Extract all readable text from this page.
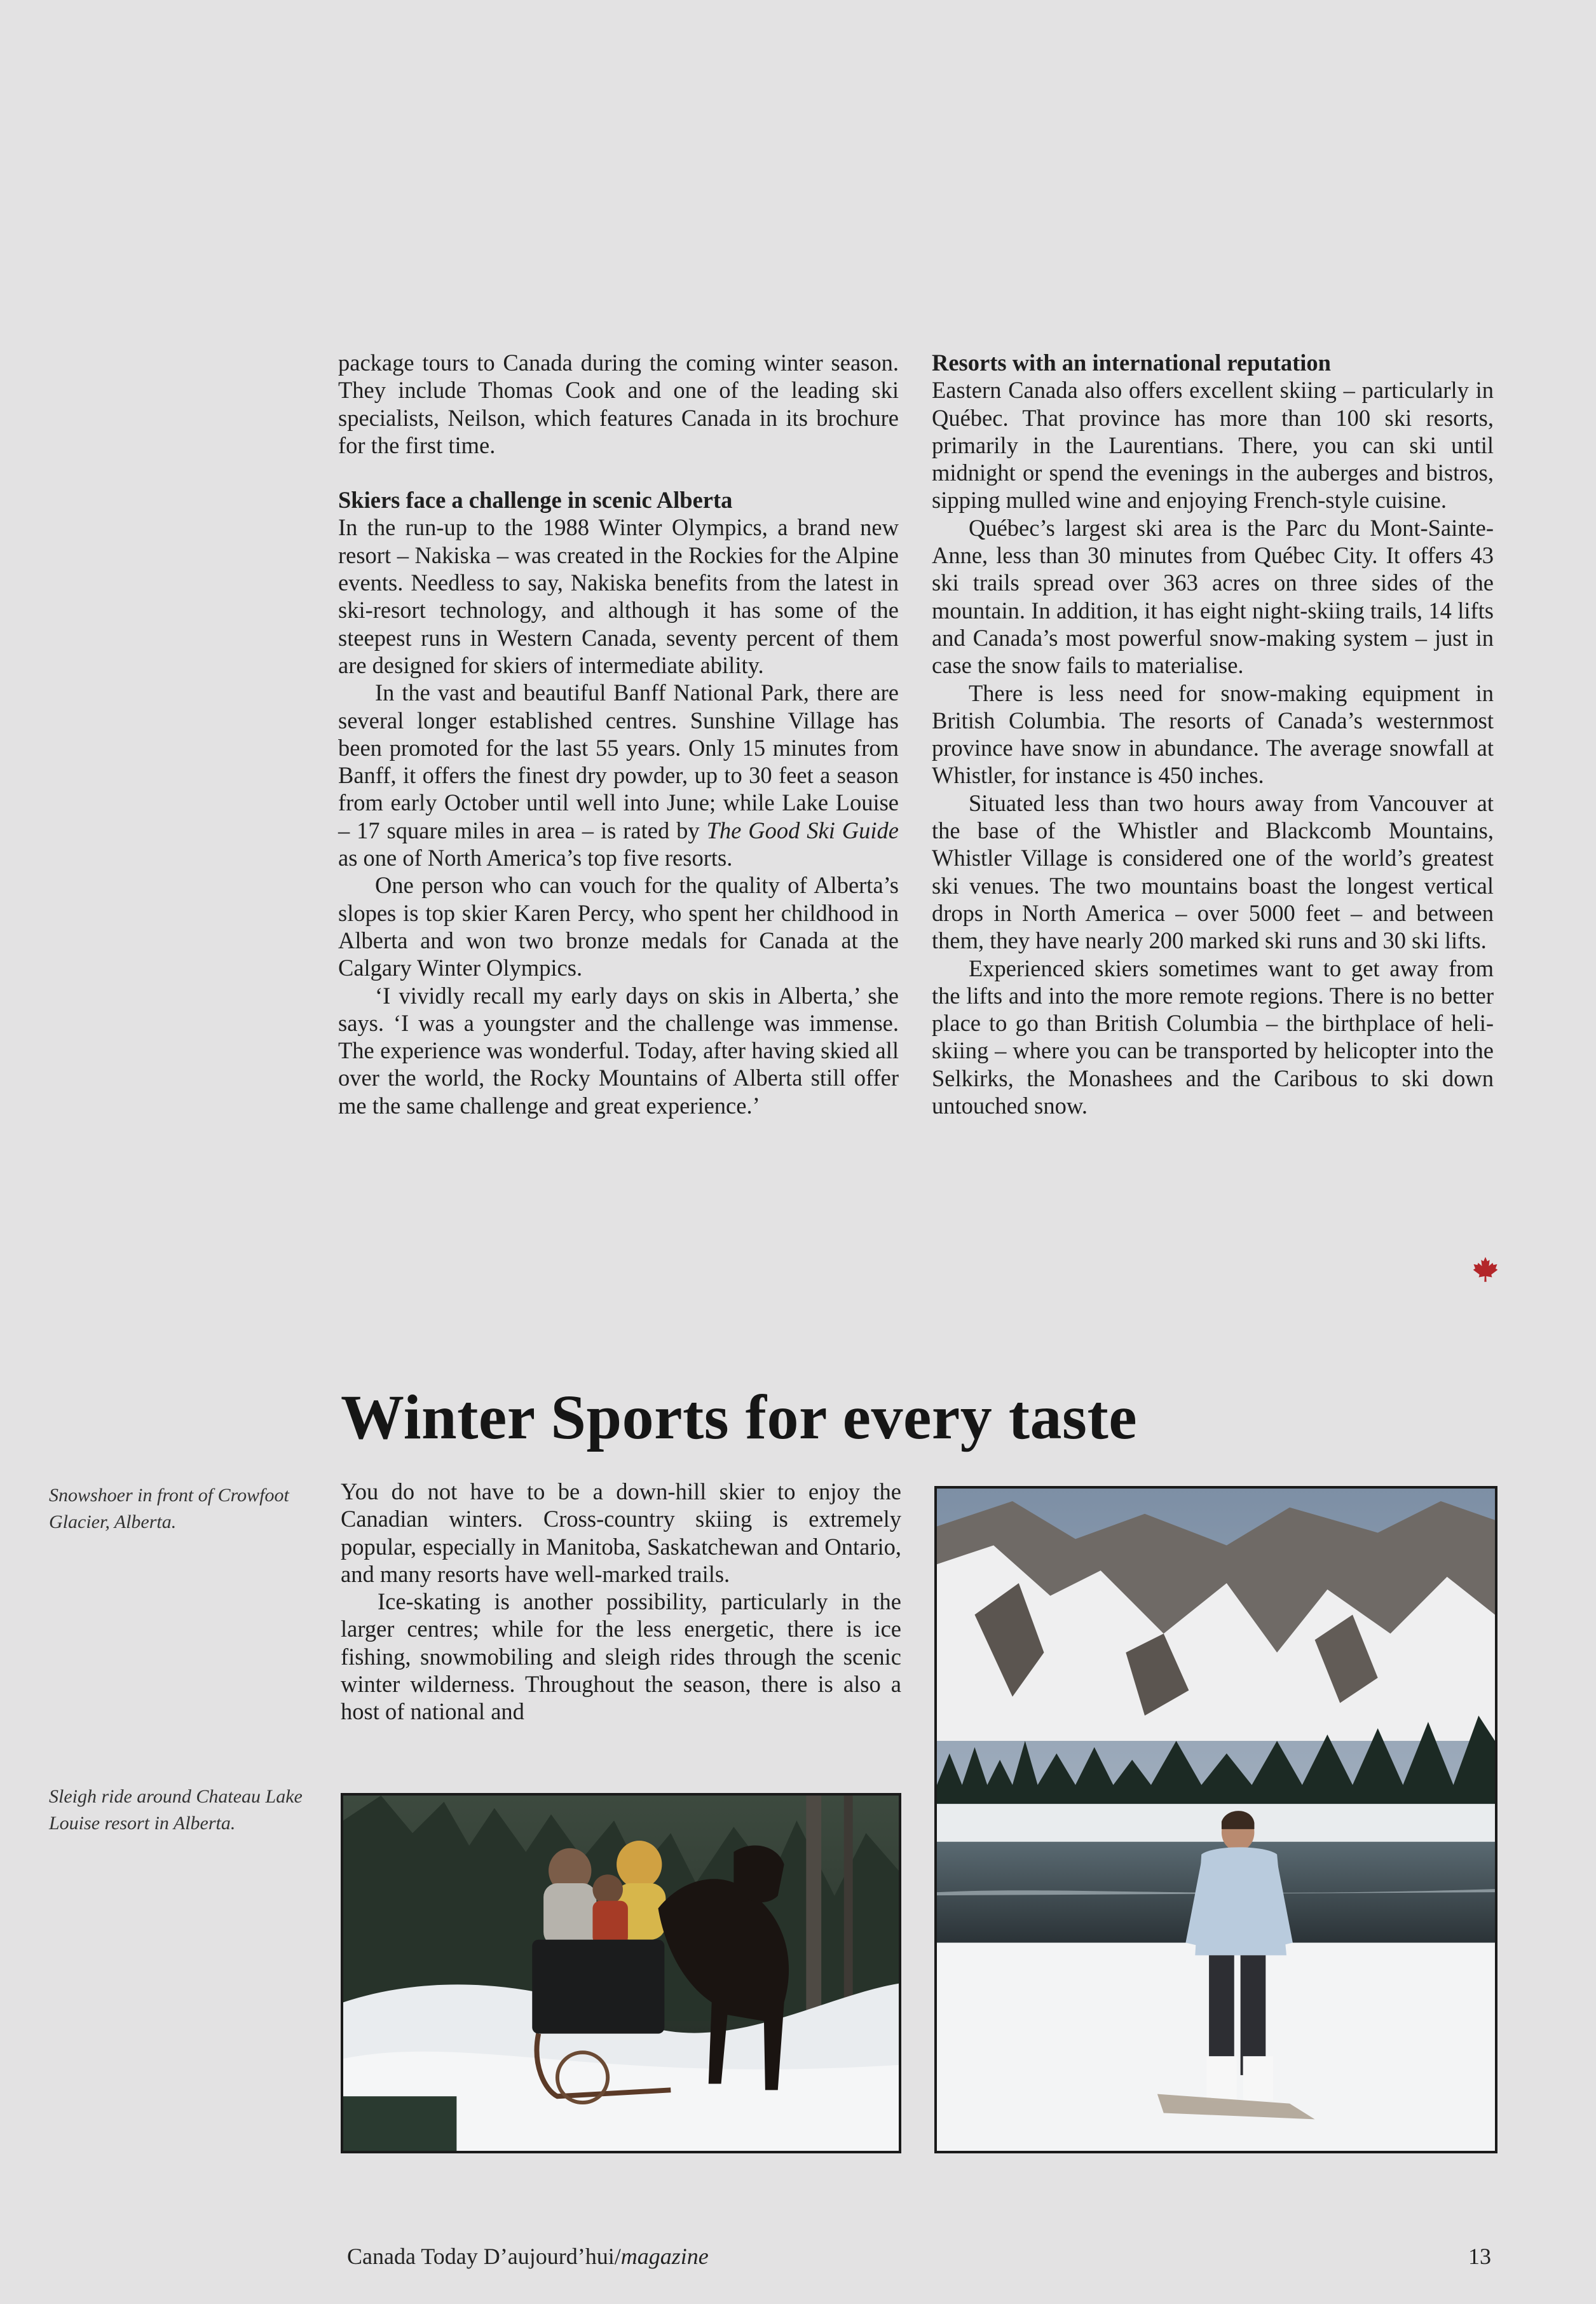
package tours to Canada during the coming winter season. They include Thomas Cook and one of the leading ski specialists, Neilson, which features Canada in its brochure for the first time.

Skiers face a challenge in scenic Alberta

In the run-up to the 1988 Winter Olympics, a brand new resort – Nakiska – was created in the Rockies for the Alpine events. Needless to say, Nakiska benefits from the latest in ski-resort technology, and although it has some of the steepest runs in Western Canada, seventy percent of them are designed for skiers of intermediate ability.

In the vast and beautiful Banff National Park, there are several longer established centres. Sunshine Village has been promoted for the last 55 years. Only 15 minutes from Banff, it offers the finest dry powder, up to 30 feet a season from early October until well into June; while Lake Louise – 17 square miles in area – is rated by The Good Ski Guide as one of North America’s top five resorts.

One person who can vouch for the quality of Alberta’s slopes is top skier Karen Percy, who spent her childhood in Alberta and won two bronze medals for Canada at the Calgary Winter Olympics.

‘I vividly recall my early days on skis in Alberta,’ she says. ‘I was a youngster and the challenge was immense. The experience was wonderful. Today, after having skied all over the world, the Rocky Mountains of Alberta still offer me the same challenge and great experience.’

Resorts with an international reputation

Eastern Canada also offers excellent skiing – particularly in Québec. That province has more than 100 ski resorts, primarily in the Laurentians. There, you can ski until midnight or spend the evenings in the auberges and bistros, sipping mulled wine and enjoying French-style cuisine.

Québec’s largest ski area is the Parc du Mont-Sainte-Anne, less than 30 minutes from Québec City. It offers 43 ski trails spread over 363 acres on three sides of the mountain. In addition, it has eight night-skiing trails, 14 lifts and Canada’s most powerful snow-making system – just in case the snow fails to materialise.

There is less need for snow-making equipment in British Columbia. The resorts of Canada’s westernmost province have snow in abundance. The average snowfall at Whistler, for instance is 450 inches.

Situated less than two hours away from Vancouver at the base of the Whistler and Blackcomb Mountains, Whistler Village is considered one of the world’s greatest ski venues. The two mountains boast the longest vertical drops in North America – over 5000 feet – and between them, they have nearly 200 marked ski runs and 30 ski lifts.

Experienced skiers sometimes want to get away from the lifts and into the more remote regions. There is no better place to go than British Columbia – the birthplace of heli-skiing – where you can be transported by helicopter into the Selkirks, the Monashees and the Caribous to ski down untouched snow.

Winter Sports for every taste
Snowshoer in front of Crowfoot Glacier, Alberta.
Sleigh ride around Chateau Lake Louise resort in Alberta.

You do not have to be a down-hill skier to enjoy the Canadian winters. Cross-country skiing is extremely popular, especially in Manitoba, Saskatchewan and Ontario, and many resorts have well-marked trails.

Ice-skating is another possibility, particularly in the larger centres; while for the less energetic, there is ice fishing, snowmobiling and sleigh rides through the scenic winter wilderness. Throughout the season, there is also a host of national and

Canada Today D’aujourd’hui/magazine	13
